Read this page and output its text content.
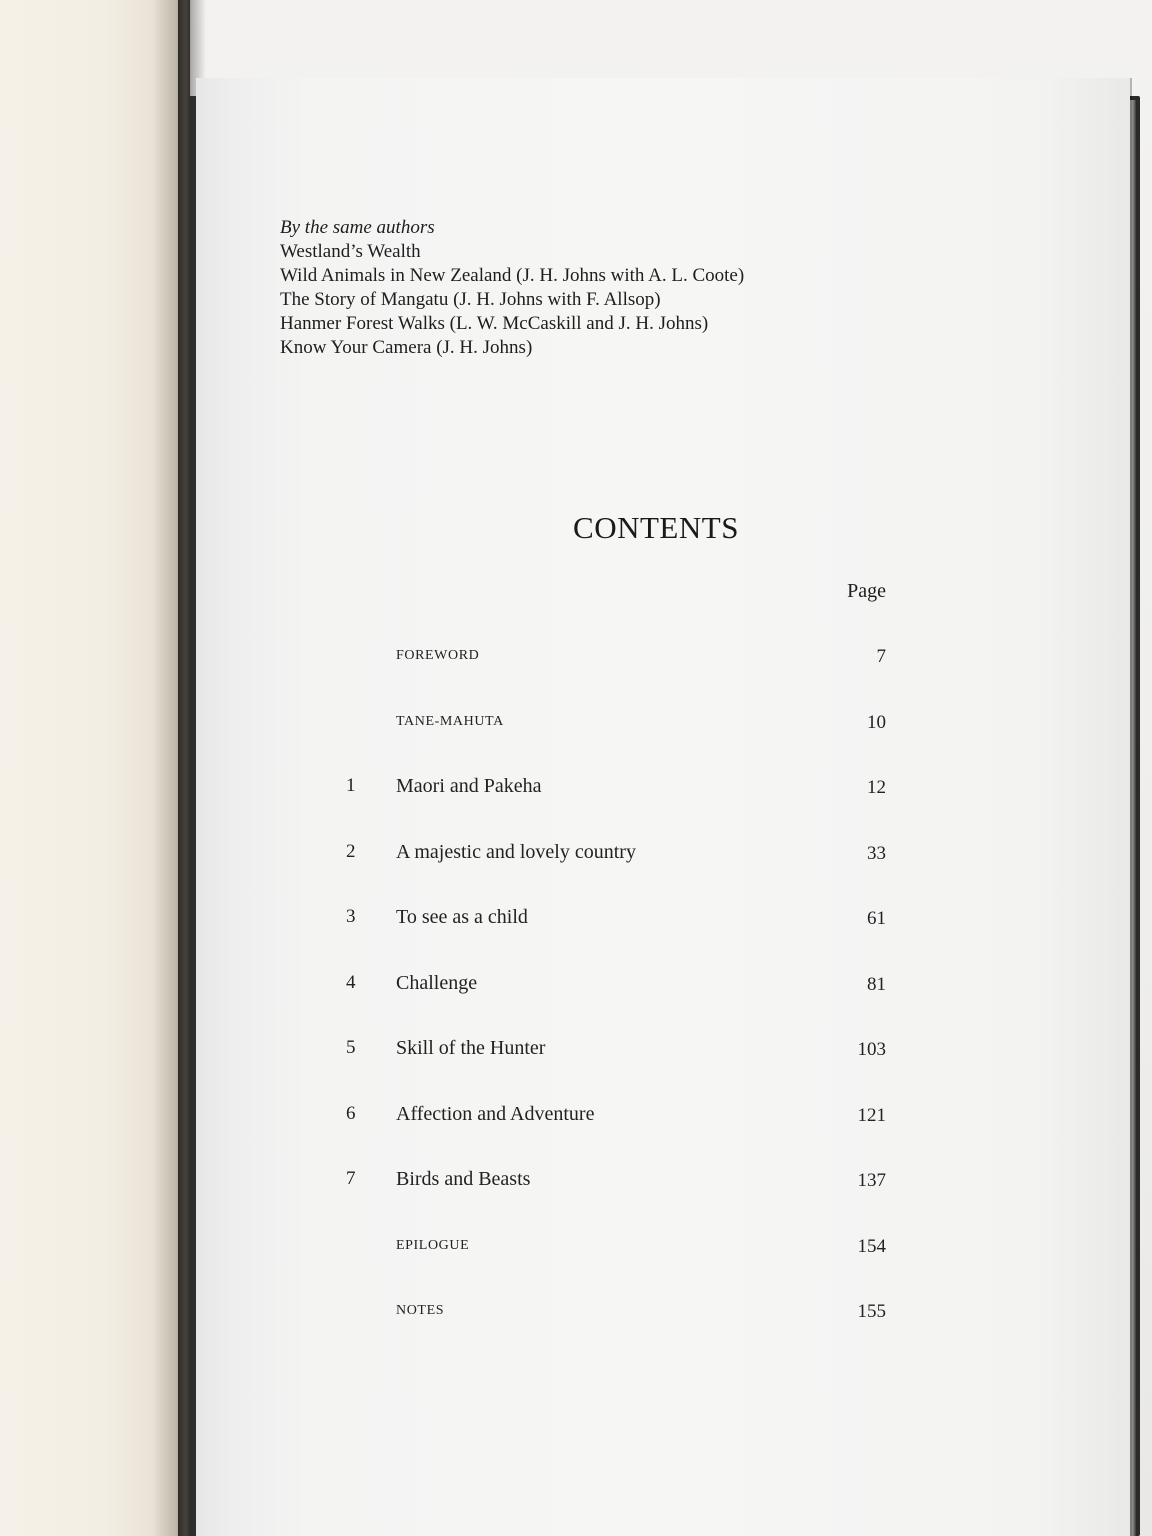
By the same authors
Westland’s Wealth
Wild Animals in New Zealand (J. H. Johns with A. L. Coote)
The Story of Mangatu (J. H. Johns with F. Allsop)
Hanmer Forest Walks (L. W. McCaskill and J. H. Johns)
Know Your Camera (J. H. Johns)
CONTENTS
Page
FOREWORD	7
TANE-MAHUTA	10
1	Maori and Pakeha	12
2	A majestic and lovely country	33
3	To see as a child	61
4	Challenge	81
5	Skill of the Hunter	103
6	Affection and Adventure	121
7	Birds and Beasts	137
EPILOGUE	154
NOTES	155
